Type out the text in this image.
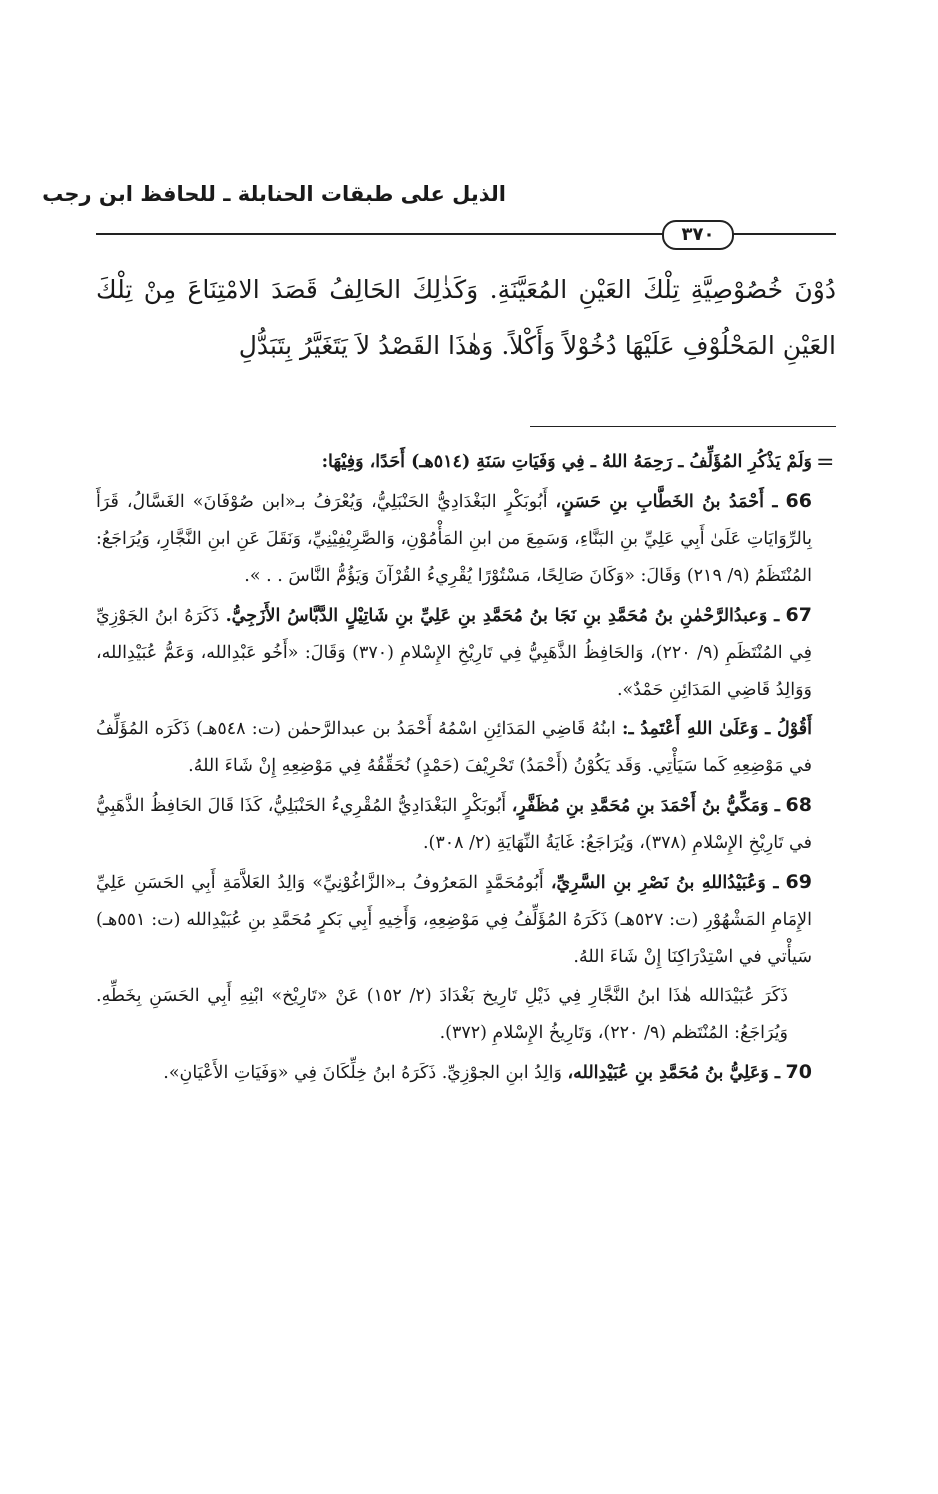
الذيل على طبقات الحنابلة ـ للحافظ ابن رجب
٣٧٠

دُوْنَ خُصُوْصِيَّةِ تِلْكَ العَيْنِ المُعَيَّنَةِ. وَكَذٰلِكَ الحَالِفُ قَصَدَ الامْتِنَاعَ مِنْ تِلْكَ العَيْنِ المَحْلُوْفِ عَلَيْهَا دُخُوْلاً وَأَكْلاً. وَهٰذَا القَصْدُ لاَ يَتَغَيَّرُ بِتَبَدُّلِ

=

وَلَمْ يَذْكُرِ المُؤَلِّفُ ـ رَحِمَهُ اللهُ ـ فِي وَفَيَاتِ سَنَةِ (٥١٤هـ) أَحَدًا، وَفِيْهَا:

66 ـ أَحْمَدُ بنُ الخَطَّابِ بنِ حَسَنٍ، أَبُوبَكْرٍ البَغْدَادِيُّ الحَنْبَلِيُّ، وَيُعْرَفُ بـ«ابن صُوْفَانَ» الغَسَّالُ، قَرَأَ بِالرِّوَايَاتِ عَلَىٰ أَبِي عَلِيِّ بنِ البَنَّاءِ، وَسَمِعَ من ابنِ المَأْمُوْنِ، وَالصَّرِيْفِيْنِيِّ، وَنَقَلَ عَنِ ابنِ النَّجَّارِ، وَيُرَاجَعُ: المُنْتَظَمُ (٩/ ٢١٩) وَقَالَ: «وَكَانَ صَالِحًا، مَسْتُوْرًا يُقْرِيءُ القُرْآنَ وَيَؤُمُّ النَّاسَ . . ».

67 ـ وَعبدُالرَّحْمٰنِ بنُ مُحَمَّدِ بنِ نَجَا بنُ مُحَمَّدِ بنِ عَلِيِّ بنِ شَاتِيْلٍ الدَّبَّاسُ الأَزَجِيُّ. ذَكَرَهُ ابنُ الجَوْزِيِّ فِي المُنْتَظَمِ (٩/ ٢٢٠)، وَالحَافِظُ الذَّهَبِيُّ فِي تَارِيْخِ الإِسْلامِ (٣٧٠) وَقَالَ: «أَخُو عَبْدِالله، وَعَمُّ عُبَيْدِالله، وَوَالِدُ قَاضِي المَدَائِنِ حَمْدٌ».

أَقُوْلُ ـ وَعَلَىٰ اللهِ أَعْتَمِدُ ـ: ابنُهُ قَاضِي المَدَائِنِ اسْمُهُ أَحْمَدُ بن عبدالرَّحمٰن (ت: ٥٤٨هـ) ذَكَرَه المُؤَلِّفُ في مَوْضِعِهِ كَما سَيَأْتِي. وَقَد يَكُوْنُ (أَحْمَدُ) تَحْرِيْفَ (حَمْدٍ) نُحَقِّقُهُ فِي مَوْضِعِهِ إِنْ شَاءَ اللهُ.

68 ـ وَمَكِّيُّ بنُ أَحْمَدَ بنِ مُحَمَّدِ بنِ مُظَفَّرٍ، أَبُوبَكْرٍ البَغْدَادِيُّ المُقْرِيءُ الحَنْبَلِيُّ، كَذَا قَالَ الحَافِظُ الذَّهَبِيُّ في تَارِيْخِ الإِسْلامِ (٣٧٨)، وَيُرَاجَعُ: غَايَةُ النِّهَايَةِ (٢/ ٣٠٨).

69 ـ وَعُبَيْدُاللهِ بنُ نَصْرِ بنِ السَّرِيِّ، أَبُومُحَمَّدٍ المَعرُوفُ بـ«الزَّاغُوْنِيِّ» وَالِدُ العَلاَّمَةِ أَبِي الحَسَنِ عَلِيِّ الإِمَامِ المَشْهُوْرِ (ت: ٥٢٧هـ) ذَكَرَهُ المُؤَلِّفُ فِي مَوْضِعِهِ، وَأَخِيهِ أَبِي بَكرٍ مُحَمَّدِ بنِ عُبَيْدِالله (ت: ٥٥١هـ) سَيأْتي في اسْتِدْرَاكِنَا إِنْ شَاءَ اللهُ.

ذَكَرَ عُبَيْدَالله هٰذَا ابنُ النَّجَّارِ فِي ذَيْلِ تَارِيخ بَغْدَادَ (٢/ ١٥٢) عَنْ «تَارِيْخ» ابْنِهِ أَبِي الحَسَنِ بِخَطِّهِ. وَيُرَاجَعُ: المُنْتَظم (٩/ ٢٢٠)، وَتَارِيخُ الإِسْلامِ (٣٧٢).

70 ـ وَعَلِيُّ بنُ مُحَمَّدِ بنِ عُبَيْدِالله، وَالِدُ ابنِ الجوْزِيِّ. ذَكَرَهُ ابنُ خِلِّكَانَ فِي «وَفَيَاتِ الأَعْيَانِ».
